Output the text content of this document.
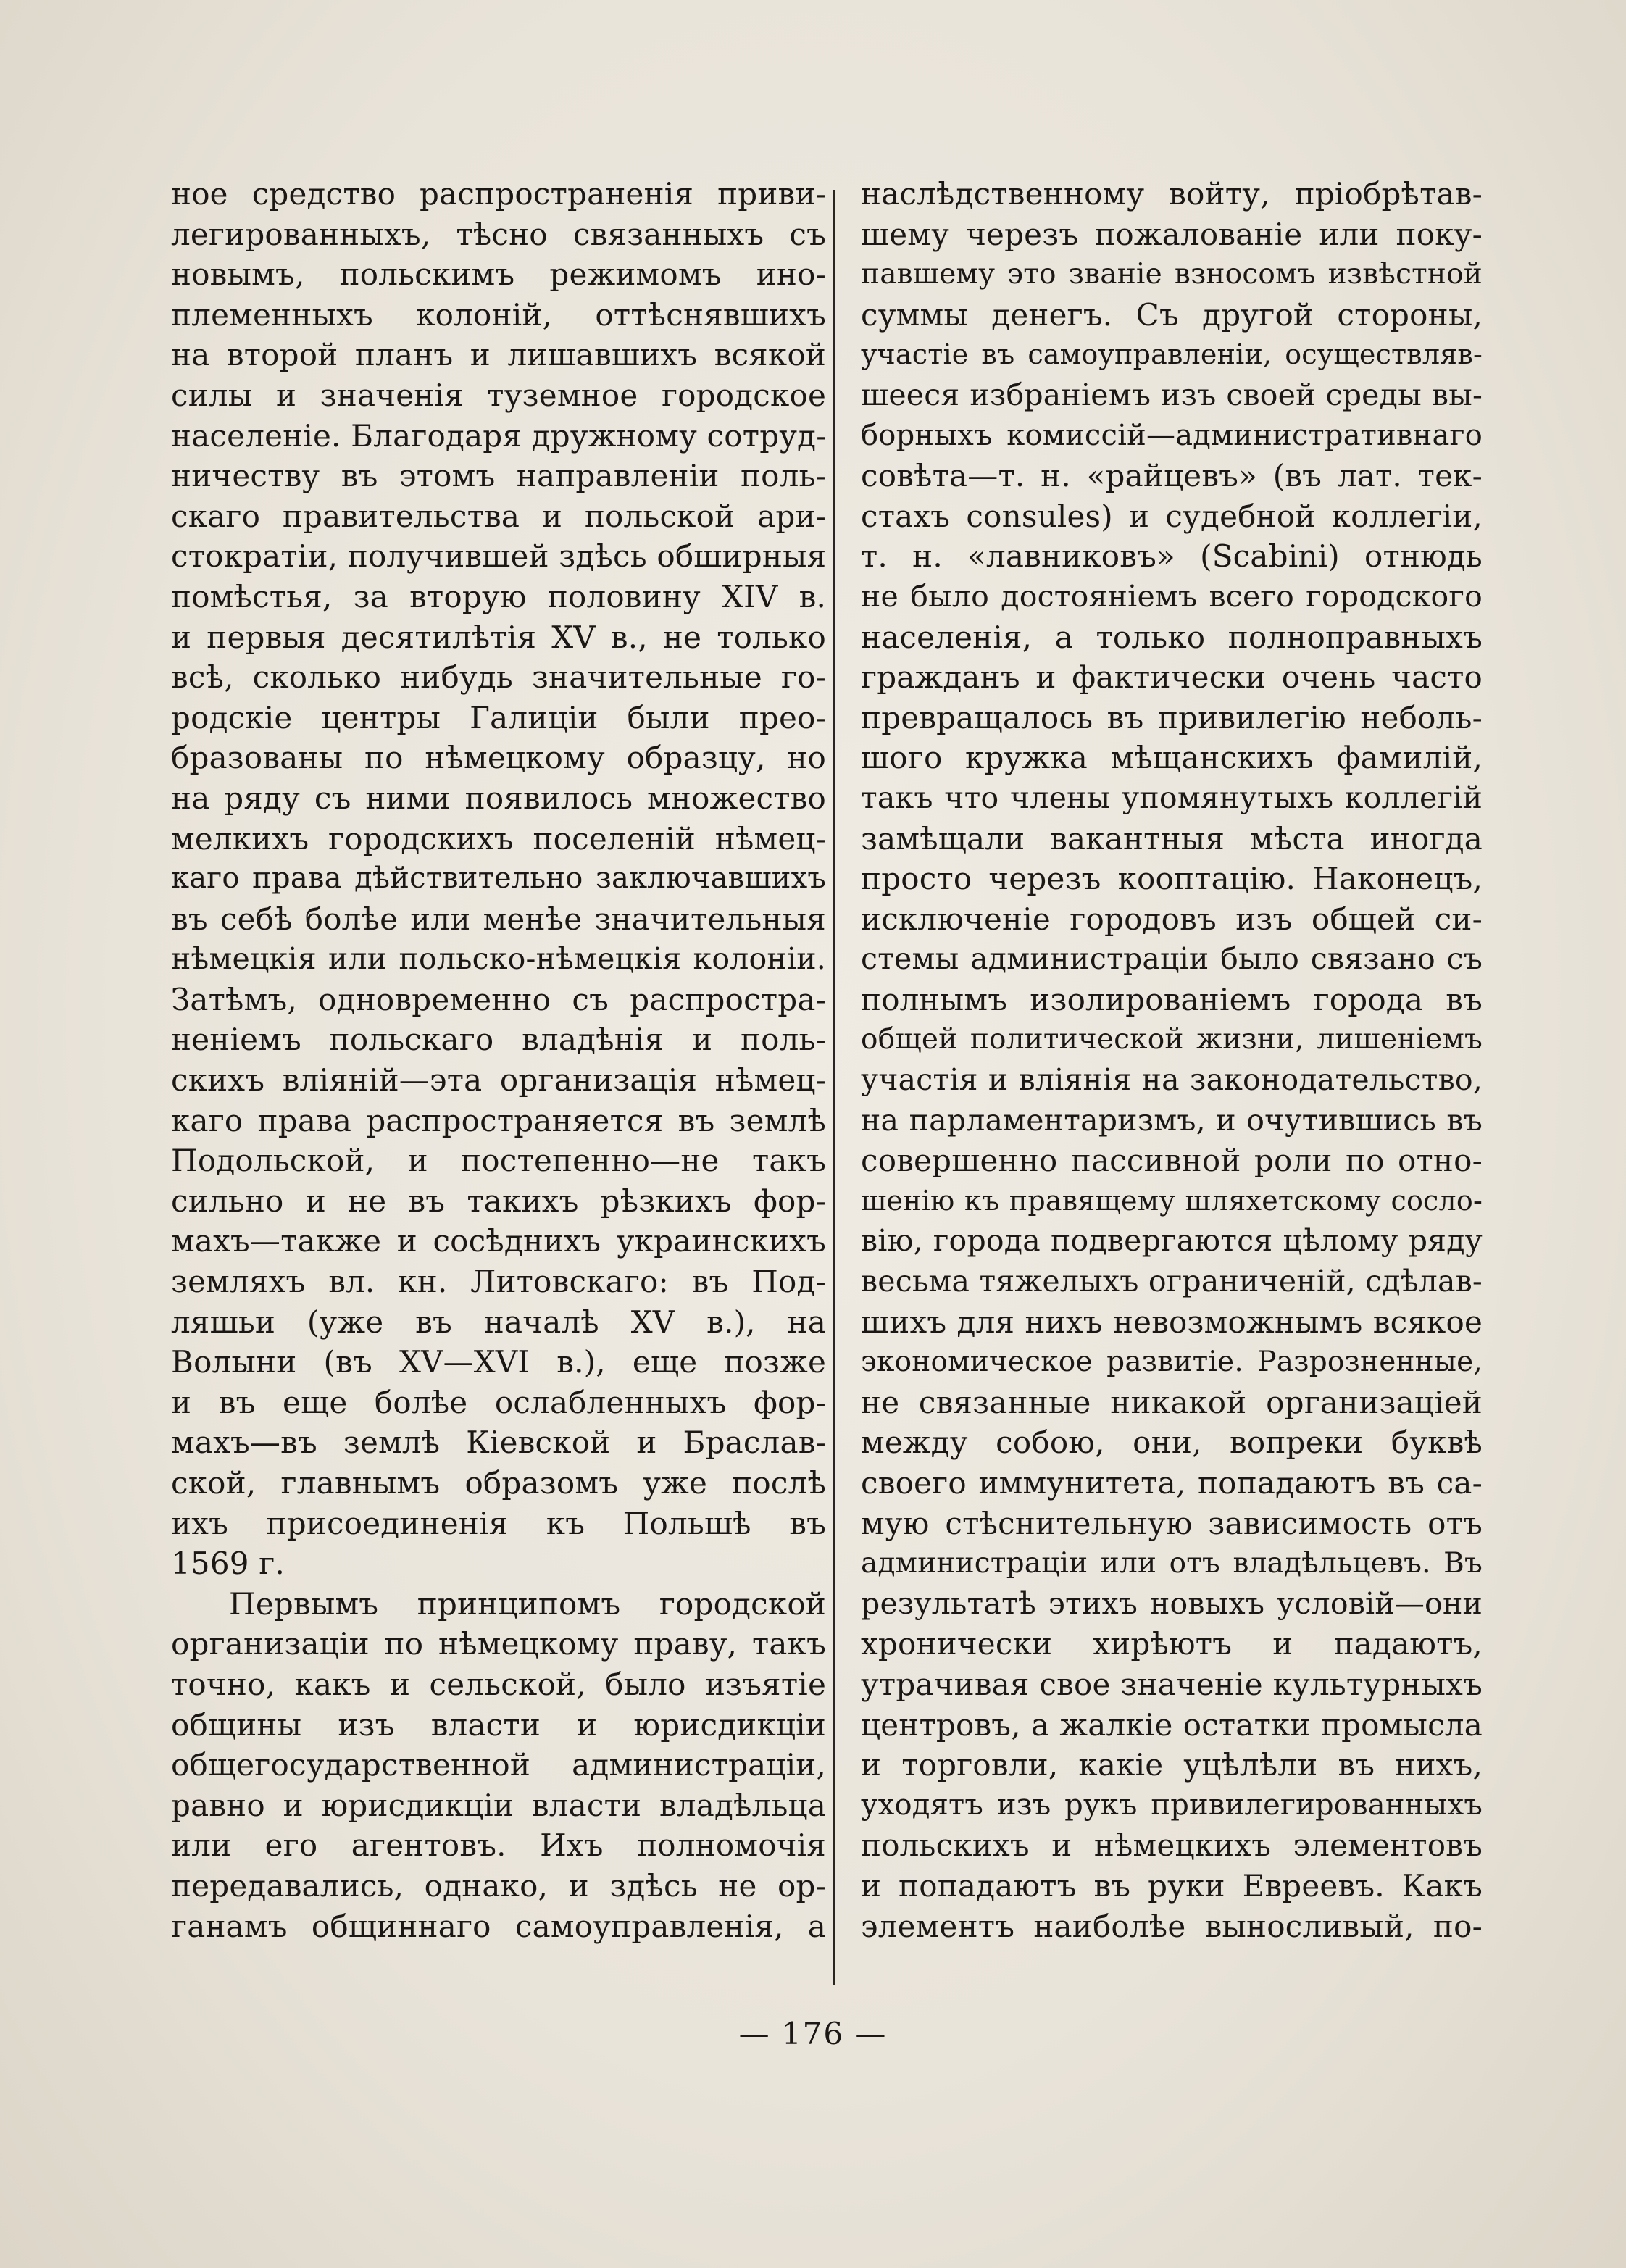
ное средство распространенія приви-
легированныхъ, тѣсно связанныхъ съ
новымъ, польскимъ режимомъ ино-
племенныхъ колоній, оттѣснявшихъ
на второй планъ и лишавшихъ всякой
силы и значенія туземное городское
населеніе. Благодаря дружному сотруд-
ничеству въ этомъ направленіи поль-
скаго правительства и польской ари-
стократіи, получившей здѣсь обширныя
помѣстья, за вторую половину XIV в.
и первыя десятилѣтія XV в., не только
всѣ, сколько нибудь значительные го-
родскіе центры Галиціи были прео-
бразованы по нѣмецкому образцу, но
на ряду съ ними появилось множество
мелкихъ городскихъ поселеній нѣмец-
каго права дѣйствительно заключавшихъ
въ себѣ болѣе или менѣе значительныя
нѣмецкія или польско-нѣмецкія колоніи.
Затѣмъ, одновременно съ распростра-
неніемъ польскаго владѣнія и поль-
скихъ вліяній—эта организація нѣмец-
каго права распространяется въ землѣ
Подольской, и постепенно—не такъ
сильно и не въ такихъ рѣзкихъ фор-
махъ—также и сосѣднихъ украинскихъ
земляхъ вл. кн. Литовскаго: въ Под-
ляшьи (уже въ началѣ XV в.), на
Волыни (въ XV—XVI в.), еще позже
и въ еще болѣе ослабленныхъ фор-
махъ—въ землѣ Кіевской и Браслав-
ской, главнымъ образомъ уже послѣ
ихъ присоединенія къ Польшѣ въ
1569 г.
Первымъ принципомъ городской
организаціи по нѣмецкому праву, такъ
точно, какъ и сельской, было изъятіе
общины изъ власти и юрисдикціи
общегосударственной администраціи,
равно и юрисдикціи власти владѣльца
или его агентовъ. Ихъ полномочія
передавались, однако, и здѣсь не ор-
ганамъ общиннаго самоуправленія, а
наслѣдственному войту, пріобрѣтав-
шему черезъ пожалованіе или поку-
павшему это званіе взносомъ извѣстной
суммы денегъ. Съ другой стороны,
участіе въ самоуправленіи, осуществляв-
шееся избраніемъ изъ своей среды вы-
борныхъ комиссій—административнаго
совѣта—т. н. «райцевъ» (въ лат. тек-
стахъ consules) и судебной коллегіи,
т. н. «лавниковъ» (Scabini) отнюдь
не было достояніемъ всего городского
населенія, а только полноправныхъ
гражданъ и фактически очень часто
превращалось въ привилегію неболь-
шого кружка мѣщанскихъ фамилій,
такъ что члены упомянутыхъ коллегій
замѣщали вакантныя мѣста иногда
просто черезъ кооптацію. Наконецъ,
исключеніе городовъ изъ общей си-
стемы администраціи было связано съ
полнымъ изолированіемъ города въ
общей политической жизни, лишеніемъ
участія и вліянія на законодательство,
на парламентаризмъ, и очутившись въ
совершенно пассивной роли по отно-
шенію къ правящему шляхетскому сосло-
вію, города подвергаются цѣлому ряду
весьма тяжелыхъ ограниченій, сдѣлав-
шихъ для нихъ невозможнымъ всякое
экономическое развитіе. Разрозненные,
не связанные никакой организаціей
между собою, они, вопреки буквѣ
своего иммунитета, попадаютъ въ са-
мую стѣснительную зависимость отъ
администраціи или отъ владѣльцевъ. Въ
результатѣ этихъ новыхъ условій—они
хронически хирѣютъ и падаютъ,
утрачивая свое значеніе культурныхъ
центровъ, а жалкіе остатки промысла
и торговли, какіе уцѣлѣли въ нихъ,
уходятъ изъ рукъ привилегированныхъ
польскихъ и нѣмецкихъ элементовъ
и попадаютъ въ руки Евреевъ. Какъ
элементъ наиболѣе выносливый, по-
— 176 —
